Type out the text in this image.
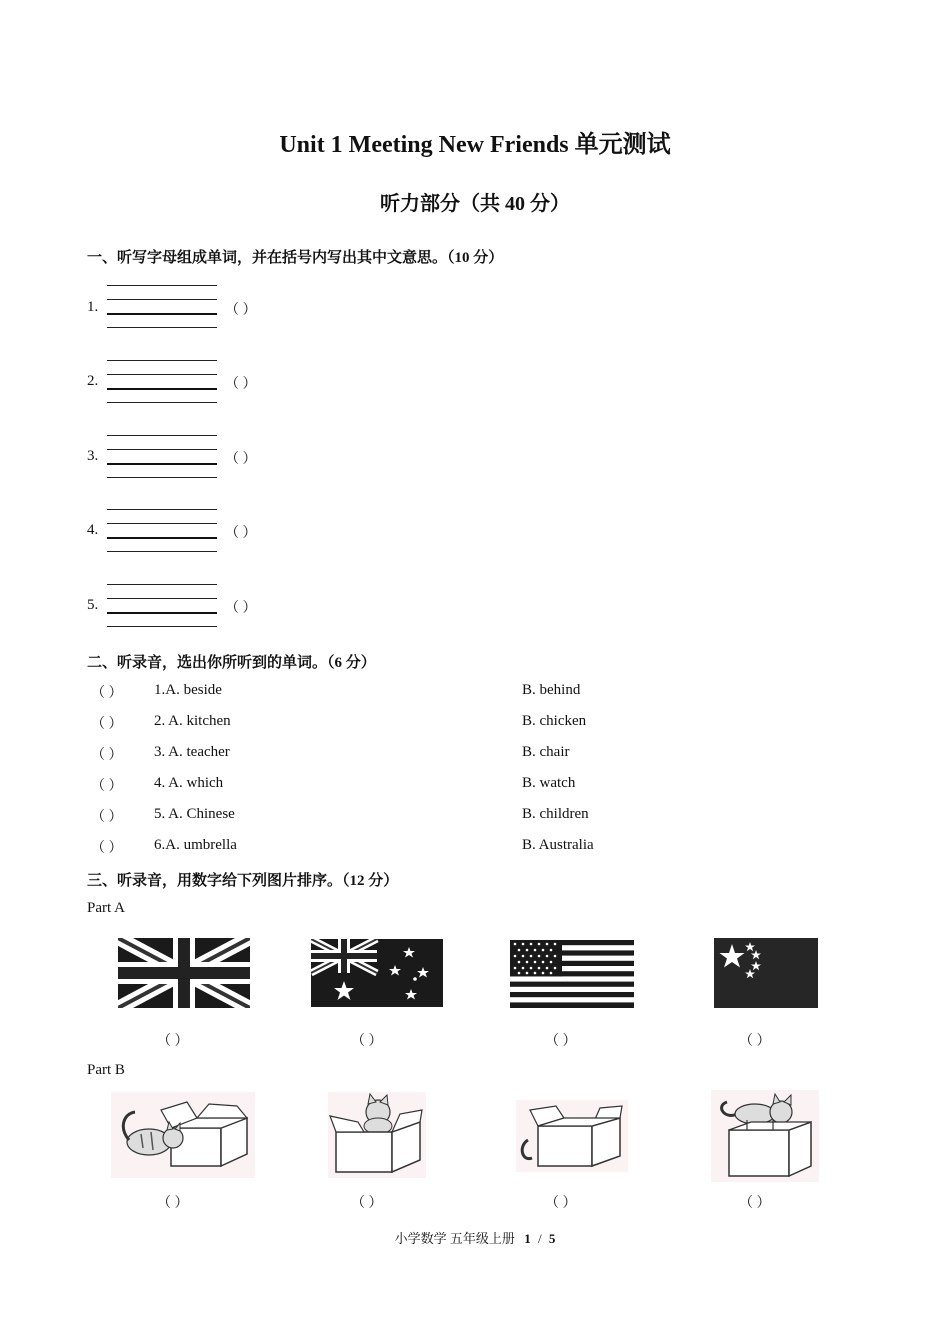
Unit 1 Meeting New Friends 单元测试
听力部分（共 40 分）
一、听写字母组成单词，并在括号内写出其中文意思。（10 分）
1.	（ ）
2.	（ ）
3.	（ ）
4.	（ ）
5.	（ ）
二、听录音，选出你所听到的单词。（6 分）
（ ） 1.A. beside	B. behind
（ ） 2. A. kitchen	B. chicken
（ ） 3. A. teacher	B. chair
（ ） 4. A. which	B. watch
（ ） 5. A. Chinese	B. children
（ ） 6.A. umbrella	B. Australia
三、听录音，用数字给下列图片排序。（12 分）
Part A
（ ）	（ ）	（ ）	（ ）
Part B
（ ）	（ ）	（ ）	（ ）
小学数学 五年级上册 1 / 5
